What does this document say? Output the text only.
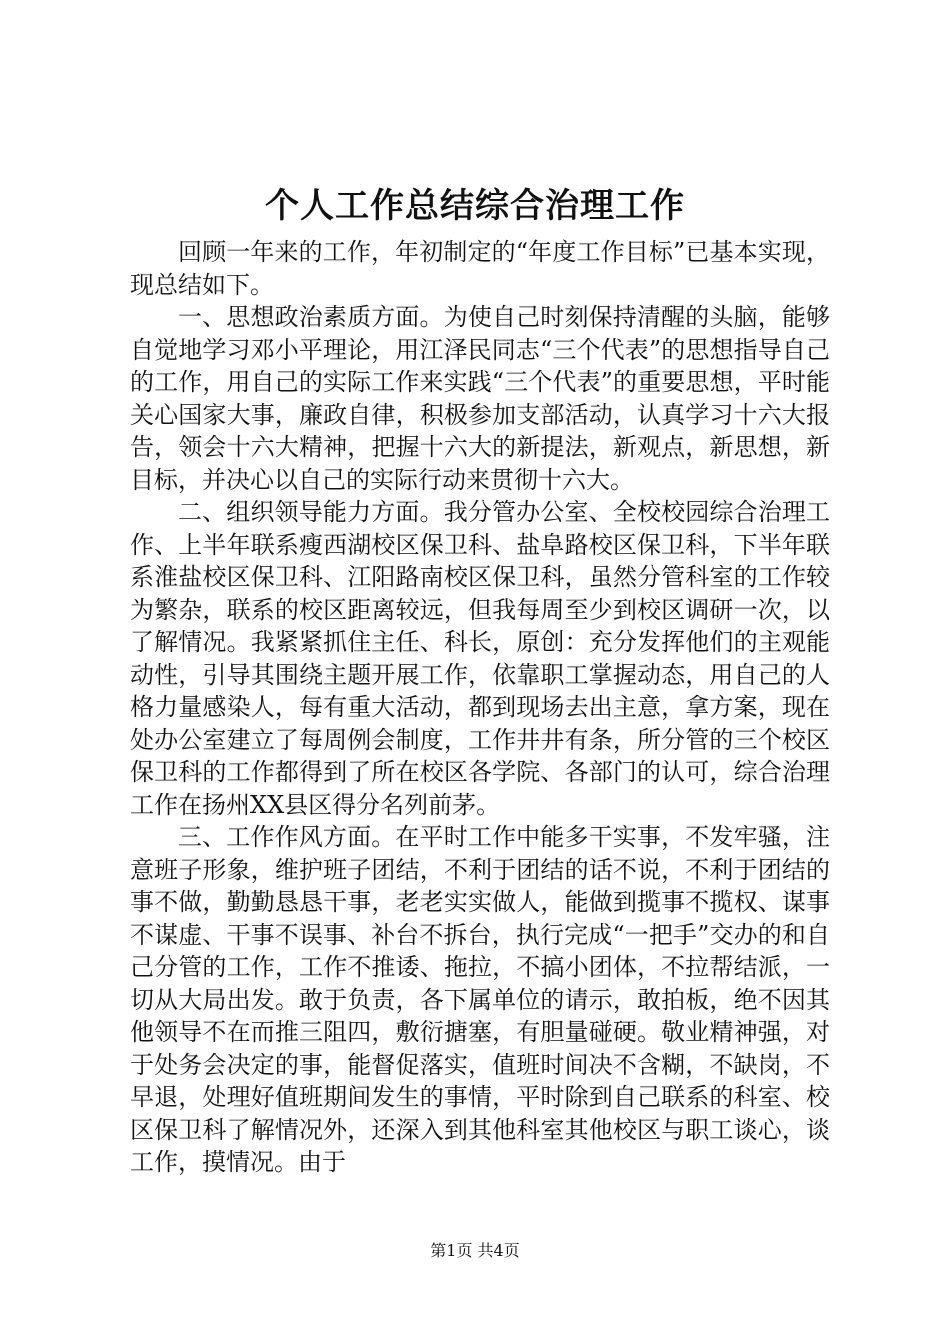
个人工作总结综合治理工作

回顾一年来的工作，年初制定的“年度工作目标”已基本实现，现总结如下。

一、思想政治素质方面。为使自己时刻保持清醒的头脑，能够自觉地学习邓小平理论，用江泽民同志“三个代表”的思想指导自己的工作，用自己的实际工作来实践“三个代表”的重要思想，平时能关心国家大事，廉政自律，积极参加支部活动，认真学习十六大报告，领会十六大精神，把握十六大的新提法，新观点，新思想，新目标，并决心以自己的实际行动来贯彻十六大。

二、组织领导能力方面。我分管办公室、全校校园综合治理工作、上半年联系瘦西湖校区保卫科、盐阜路校区保卫科，下半年联系淮盐校区保卫科、江阳路南校区保卫科，虽然分管科室的工作较为繁杂，联系的校区距离较远，但我每周至少到校区调研一次，以了解情况。我紧紧抓住主任、科长，原创：充分发挥他们的主观能动性，引导其围绕主题开展工作，依靠职工掌握动态，用自己的人格力量感染人，每有重大活动，都到现场去出主意，拿方案，现在处办公室建立了每周例会制度，工作井井有条，所分管的三个校区保卫科的工作都得到了所在校区各学院、各部门的认可，综合治理工作在扬州XX县区得分名列前茅。

三、工作作风方面。在平时工作中能多干实事，不发牢骚，注意班子形象，维护班子团结，不利于团结的话不说，不利于团结的事不做，勤勤恳恳干事，老老实实做人，能做到揽事不揽权、谋事不谋虚、干事不误事、补台不拆台，执行完成“一把手”交办的和自己分管的工作，工作不推诿、拖拉，不搞小团体，不拉帮结派，一切从大局出发。敢于负责，各下属单位的请示，敢拍板，绝不因其他领导不在而推三阻四，敷衍搪塞，有胆量碰硬。敬业精神强，对于处务会决定的事，能督促落实，值班时间决不含糊，不缺岗，不早退，处理好值班期间发生的事情，平时除到自己联系的科室、校区保卫科了解情况外，还深入到其他科室其他校区与职工谈心，谈工作，摸情况。由于

第1页 共4页
